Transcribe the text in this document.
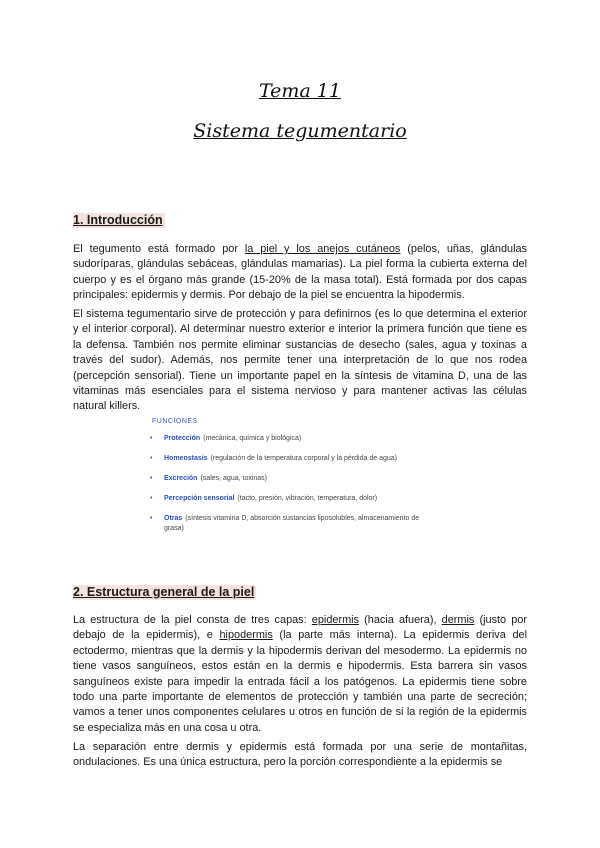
Tema 11
Sistema tegumentario
1. Introducción

El tegumento está formado por la piel y los anejos cutáneos (pelos, uñas, glándulas sudoríparas, glándulas sebáceas, glándulas mamarias). La piel forma la cubierta externa del cuerpo y es el órgano más grande (15-20% de la masa total). Está formada por dos capas principales: epidermis y dermis. Por debajo de la piel se encuentra la hipodermis.

El sistema tegumentario sirve de protección y para definirnos (es lo que determina el exterior y el interior corporal). Al determinar nuestro exterior e interior la primera función que tiene es la defensa. También nos permite eliminar sustancias de desecho (sales, agua y toxinas a través del sudor). Además, nos permite tener una interpretación de lo que nos rodea (percepción sensorial). Tiene un importante papel en la síntesis de vitamina D, una de las vitaminas más esenciales para el sistema nervioso y para mantener activas las células natural killers.

FUNCIONES
•	Protección (mecánica, química y biológica)
•	Homeostasis (regulación de la temperatura corporal y la pérdida de agua)
•	Excreción (sales, agua, toxinas)
•	Percepción sensorial (tacto, presión, vibración, temperatura, dolor)
•	Otras (síntesis vitamina D, absorción sustancias liposolubles, almacenamiento de grasa)
2. Estructura general de la piel

La estructura de la piel consta de tres capas: epidermis (hacia afuera), dermis (justo por debajo de la epidermis), e hipodermis (la parte más interna). La epidermis deriva del ectodermo, mientras que la dermis y la hipodermis derivan del mesodermo. La epidermis no tiene vasos sanguíneos, estos están en la dermis e hipodermis. Esta barrera sin vasos sanguíneos existe para impedir la entrada fácil a los patógenos. La epidermis tiene sobre todo una parte importante de elementos de protección y también una parte de secreción; vamos a tener unos componentes celulares u otros en función de si la región de la epidermis se especializa más en una cosa u otra.

La separación entre dermis y epidermis está formada por una serie de montañitas, ondulaciones. Es una única estructura, pero la porción correspondiente a la epidermis se
